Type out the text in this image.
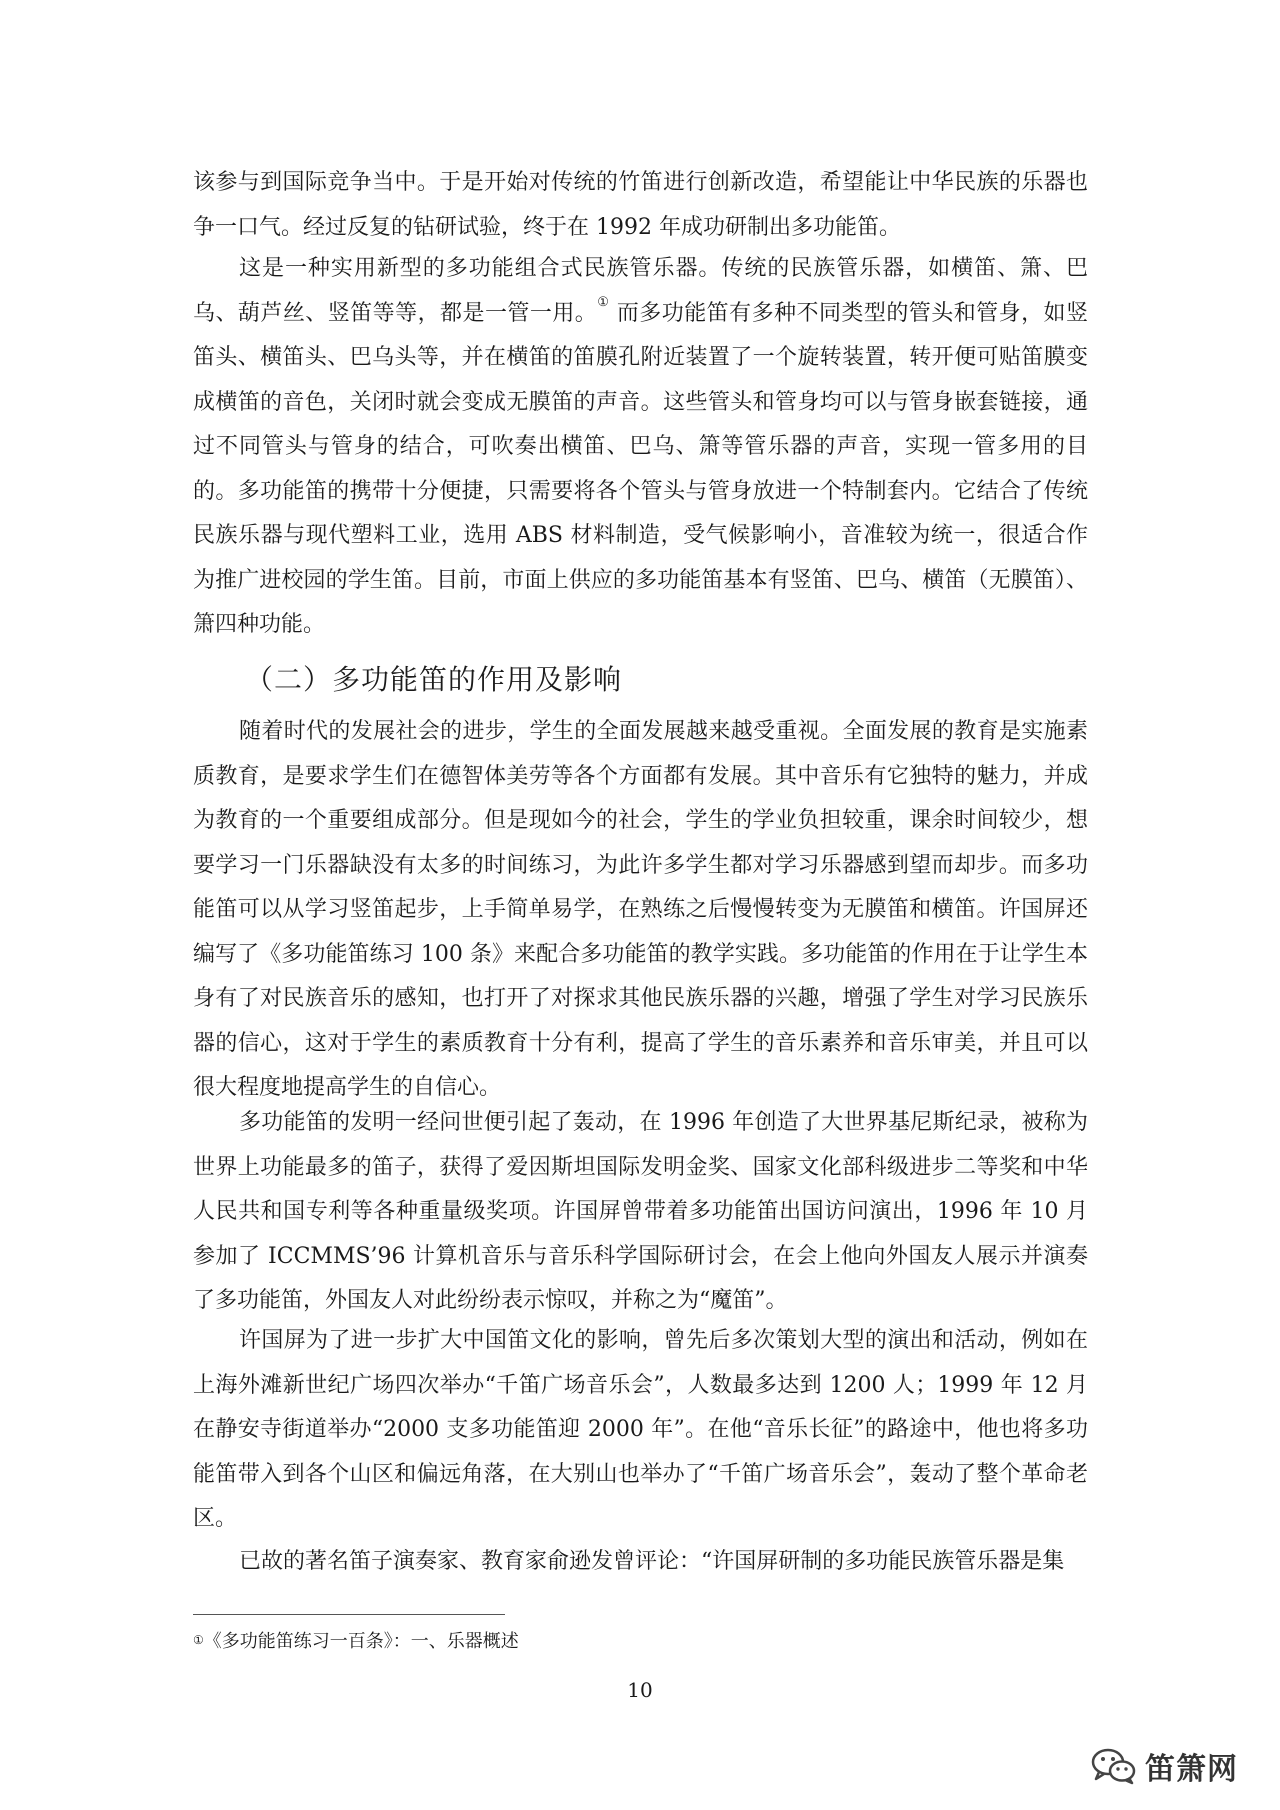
该参与到国际竞争当中。于是开始对传统的竹笛进行创新改造，希望能让中华民族的乐器也争一口气。经过反复的钻研试验，终于在 1992 年成功研制出多功能笛。

这是一种实用新型的多功能组合式民族管乐器。传统的民族管乐器，如横笛、箫、巴乌、葫芦丝、竖笛等等，都是一管一用。① 而多功能笛有多种不同类型的管头和管身，如竖笛头、横笛头、巴乌头等，并在横笛的笛膜孔附近装置了一个旋转装置，转开便可贴笛膜变成横笛的音色，关闭时就会变成无膜笛的声音。这些管头和管身均可以与管身嵌套链接，通过不同管头与管身的结合，可吹奏出横笛、巴乌、箫等管乐器的声音，实现一管多用的目的。多功能笛的携带十分便捷，只需要将各个管头与管身放进一个特制套内。它结合了传统民族乐器与现代塑料工业，选用 ABS 材料制造，受气候影响小，音准较为统一，很适合作为推广进校园的学生笛。目前，市面上供应的多功能笛基本有竖笛、巴乌、横笛（无膜笛）、箫四种功能。

（二）多功能笛的作用及影响

随着时代的发展社会的进步，学生的全面发展越来越受重视。全面发展的教育是实施素质教育，是要求学生们在德智体美劳等各个方面都有发展。其中音乐有它独特的魅力，并成为教育的一个重要组成部分。但是现如今的社会，学生的学业负担较重，课余时间较少，想要学习一门乐器缺没有太多的时间练习，为此许多学生都对学习乐器感到望而却步。而多功能笛可以从学习竖笛起步，上手简单易学，在熟练之后慢慢转变为无膜笛和横笛。许国屏还编写了《多功能笛练习 100 条》来配合多功能笛的教学实践。多功能笛的作用在于让学生本身有了对民族音乐的感知，也打开了对探求其他民族乐器的兴趣，增强了学生对学习民族乐器的信心，这对于学生的素质教育十分有利，提高了学生的音乐素养和音乐审美，并且可以很大程度地提高学生的自信心。

多功能笛的发明一经问世便引起了轰动，在 1996 年创造了大世界基尼斯纪录，被称为世界上功能最多的笛子，获得了爱因斯坦国际发明金奖、国家文化部科级进步二等奖和中华人民共和国专利等各种重量级奖项。许国屏曾带着多功能笛出国访问演出，1996 年 10 月参加了 ICCMMS’96 计算机音乐与音乐科学国际研讨会，在会上他向外国友人展示并演奏了多功能笛，外国友人对此纷纷表示惊叹，并称之为“魔笛”。

许国屏为了进一步扩大中国笛文化的影响，曾先后多次策划大型的演出和活动，例如在上海外滩新世纪广场四次举办“千笛广场音乐会”，人数最多达到 1200 人；1999 年 12 月在静安寺街道举办“2000 支多功能笛迎 2000 年”。在他“音乐长征”的路途中，他也将多功能笛带入到各个山区和偏远角落，在大别山也举办了“千笛广场音乐会”，轰动了整个革命老区。

已故的著名笛子演奏家、教育家俞逊发曾评论：“许国屏研制的多功能民族管乐器是集

①《多功能笛练习一百条》：一、乐器概述
10
笛箫网
